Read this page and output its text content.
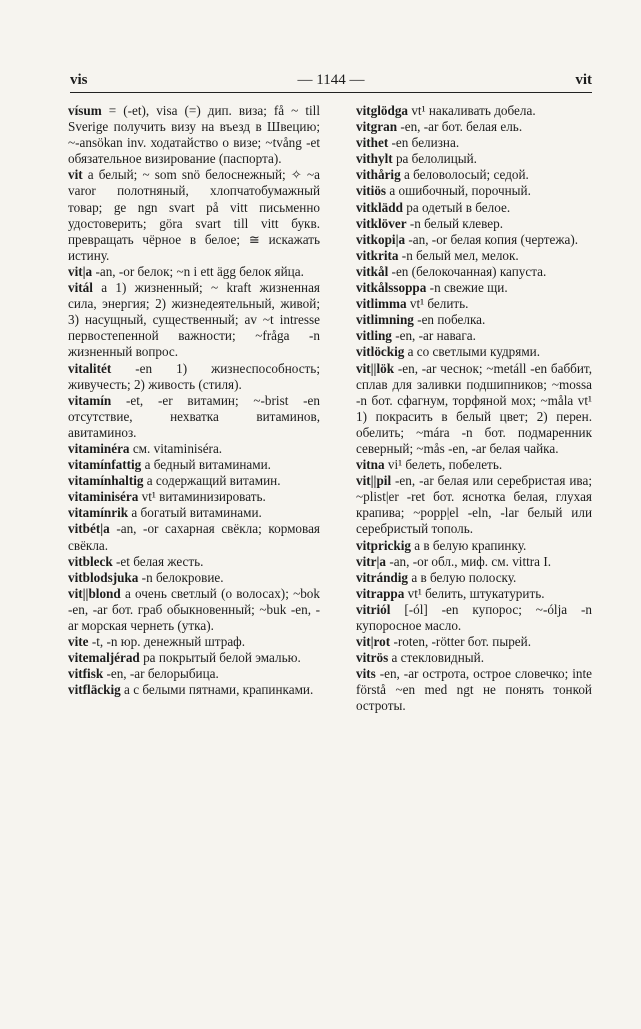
vis	— 1144 —	vit

vísum = (-et), visa (=) дип. виза; få ~ till Sverige получить визу на въезд в Швецию; ~-ansökan inv. ходатайство о визе; ~tvång -et обязательное визирование (паспорта).

vit a белый; ~ som snö белоснежный; ✧ ~a varor полотняный, хлопчатобумажный товар; ge ngn svart på vitt письменно удостоверить; göra svart till vitt букв. превращать чёрное в белое; ≅ искажать истину.

vit|a -an, -or белок; ~n i ett ägg белок яйца.

vitál a 1) жизненный; ~ kraft жизненная сила, энергия; 2) жизнедеятельный, живой; 3) насущный, существенный; av ~t intresse первостепенной важности; ~fråga -n жизненный вопрос.

vitalitét -en 1) жизнеспособность; живучесть; 2) живость (стиля).

vitamín -et, -er витамин; ~-brist -en отсутствие, нехватка витаминов, авитаминоз.

vitaminéra см. vitaminiséra.

vitamínfattig a бедный витаминами.

vitamínhaltig a содержащий витамин.

vitaminiséra vt¹ витаминизировать.

vitamínrik a богатый витаминами.

vitbét|a -an, -or сахарная свёкла; кормовая свёкла.

vitbleck -et белая жесть.

vitblodsjuka -n белокровие.

vit||blond a очень светлый (о волосах); ~bok -en, -ar бот. граб обыкновенный; ~buk -en, -ar морская чернеть (утка).

vite -t, -n юр. денежный штраф.

vitemaljérad pa покрытый белой эмалью.

vitfisk -en, -ar белорыбица.

vitfläckig a с белыми пятнами, крапинками.

vitglödga vt¹ накаливать добела.

vitgran -en, -ar бот. белая ель.

vithet -en белизна.

vithylt pa белолицый.

vithårig a беловолосый; седой.

vitiös a ошибочный, порочный.

vitklädd pa одетый в белое.

vitklöver -n белый клевер.

vitkopi|a -an, -or белая копия (чертежа).

vitkrita -n белый мел, мелок.

vitkål -en (белокочанная) капуста.

vitkålssoppa -n свежие щи.

vitlimma vt¹ белить.

vitlimning -en побелка.

vitling -en, -ar навага.

vitlöckig a со светлыми кудрями.

vit||lök -en, -ar чеснок; ~metáll -en баббит, сплав для заливки подшипников; ~mossa -n бот. сфагнум, торфяной мох; ~måla vt¹ 1) покрасить в белый цвет; 2) перен. обелить; ~mára -n бот. подмаренник северный; ~mås -en, -ar белая чайка.

vitna vi¹ белеть, побелеть.

vit||pil -en, -ar белая или серебристая ива; ~plist|er -ret бот. яснотка белая, глухая крапива; ~popp|el -eln, -lar белый или серебристый тополь.

vitprickig a в белую крапинку.

vitr|a -an, -or обл., миф. см. vittra I.

vitrándig a в белую полоску.

vitrappa vt¹ белить, штукатурить.

vitriól [-ól] -en купорос; ~-ólja -n купоросное масло.

vit|rot -roten, -rötter бот. пырей.

vitrös a стекловидный.

vits -en, -ar острота, острое словечко; inte förstå ~en med ngt не понять тонкой остроты.
